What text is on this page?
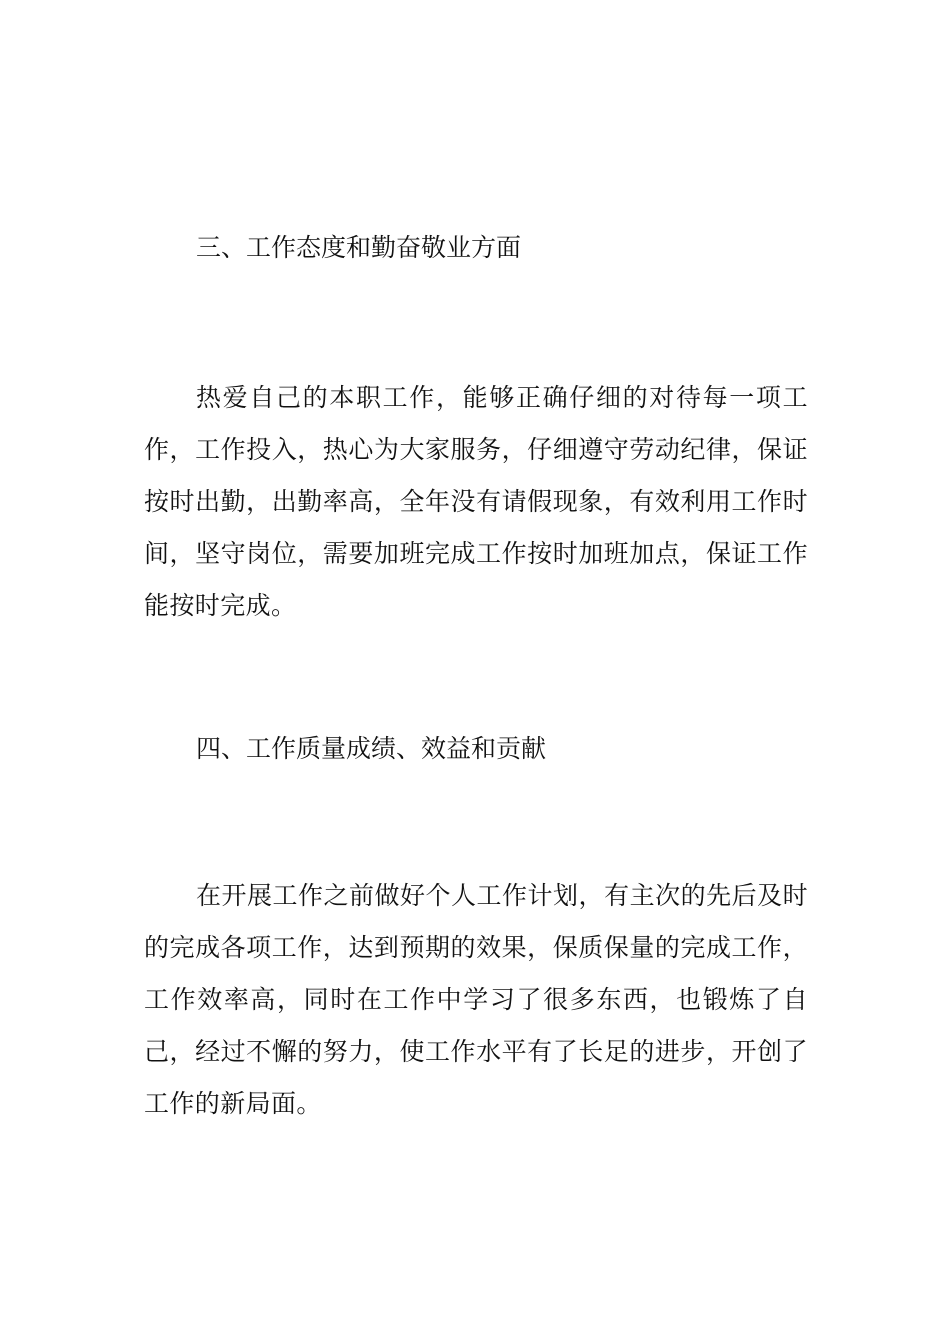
三、工作态度和勤奋敬业方面

热爱自己的本职工作，能够正确仔细的对待每一项工作，工作投入，热心为大家服务，仔细遵守劳动纪律，保证按时出勤，出勤率高，全年没有请假现象，有效利用工作时间，坚守岗位，需要加班完成工作按时加班加点，保证工作能按时完成。

四、工作质量成绩、效益和贡献

在开展工作之前做好个人工作计划，有主次的先后及时的完成各项工作，达到预期的效果，保质保量的完成工作，工作效率高，同时在工作中学习了很多东西，也锻炼了自己，经过不懈的努力，使工作水平有了长足的进步，开创了工作的新局面。
